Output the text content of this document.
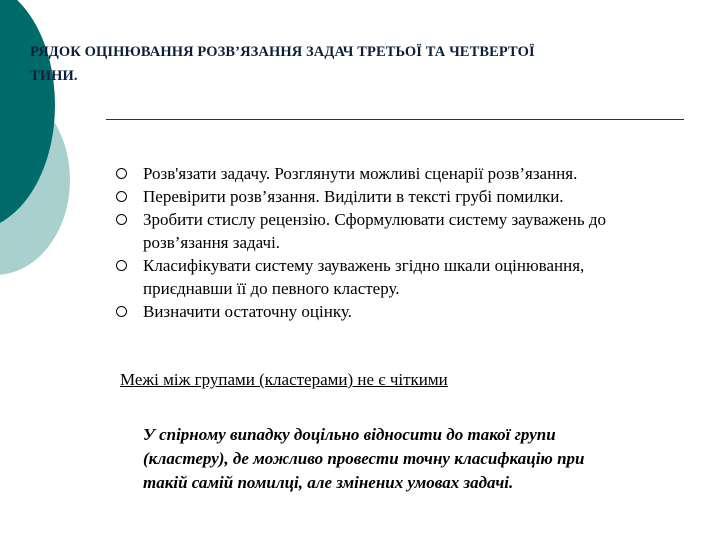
РЯДОК ОЦІНЮВАННЯ РОЗВ’ЯЗАННЯ ЗАДАЧ ТРЕТЬОЇ ТА ЧЕТВЕРТОЇ
ТИНИ.
Розв'язати задачу. Розглянути можливі сценарії розв’язання.
Перевірити розв’язання. Виділити в тексті грубі помилки.
Зробити стислу рецензію. Сформулювати систему зауважень до розв’язання задачі.
Класифікувати систему зауважень згідно шкали оцінювання, приєднавши її до певного кластеру.
Визначити остаточну оцінку.
Межі між групами (кластерами) не є чіткими
У спірному випадку доцільно відносити до такої групи
(кластеру), де можливо провести точну класифкацію при
такій самій помилці, але змінених умовах задачі.
